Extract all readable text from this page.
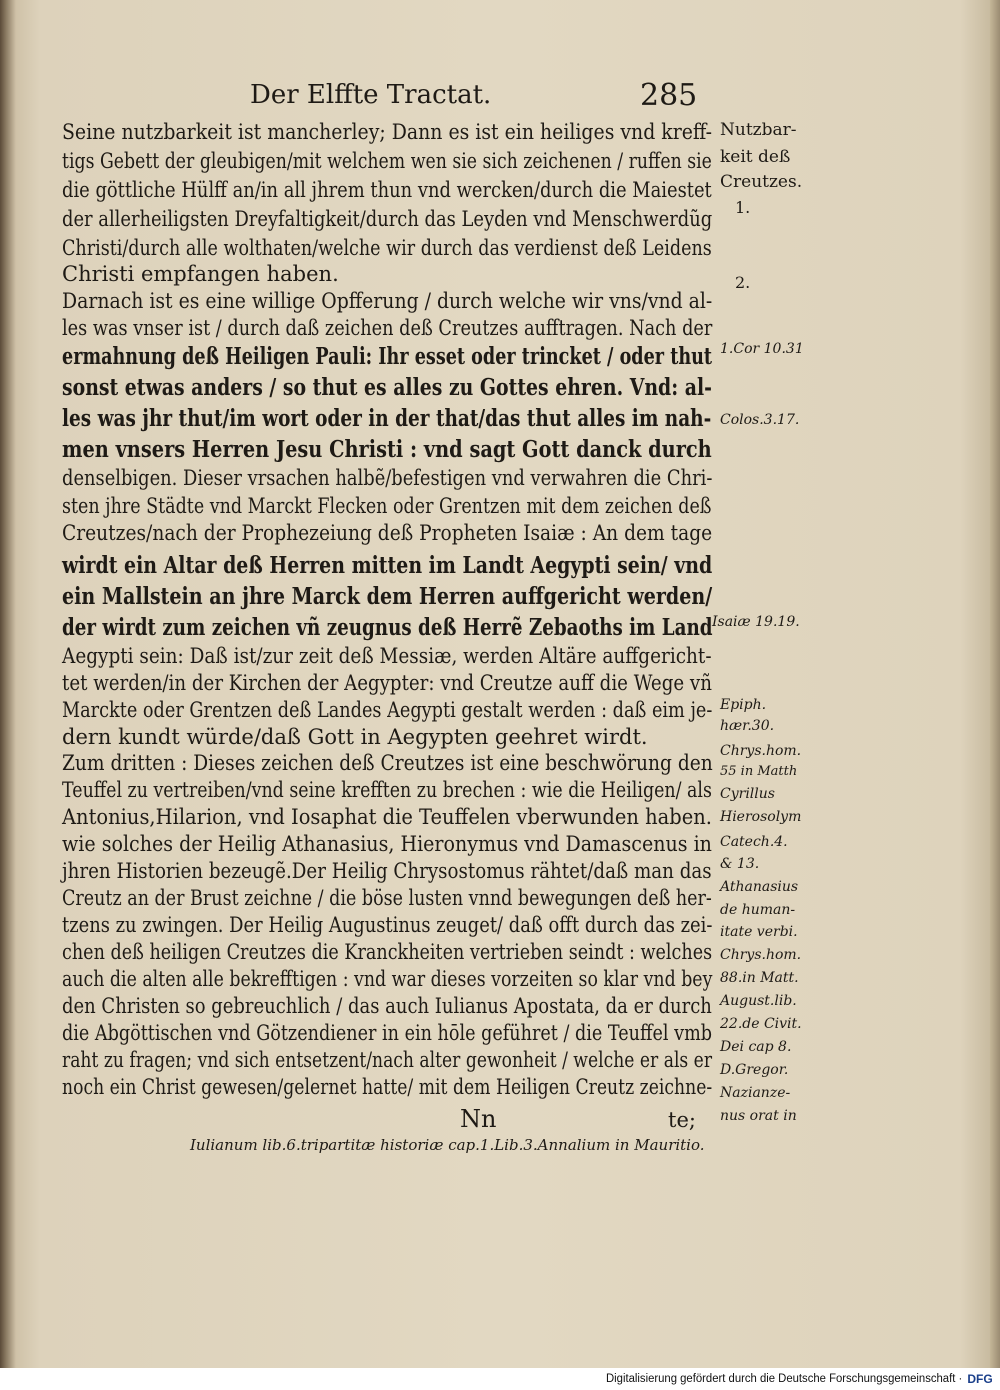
Der Elffte Tractat.	285
Seine nutzbarkeit ist mancherley; Dann es ist ein heiliges vnd kreff-
tigs Gebett der gleubigen/mit welchem wen sie sich zeichenen / ruffen sie
die göttliche Hülff an/in all jhrem thun vnd wercken/durch die Maiestet
der allerheiligsten Dreyfaltigkeit/durch das Leyden vnd Menschwerdũg
Christi/durch alle wolthaten/welche wir durch das verdienst deß Leidens
Christi empfangen haben.
Darnach ist es eine willige Opfferung / durch welche wir vns/vnd al-
les was vnser ist / durch daß zeichen deß Creutzes aufftragen. Nach der
ermahnung deß Heiligen Pauli: Ihr esset oder trincket / oder thut
sonst etwas anders / so thut es alles zu Gottes ehren. Vnd: al-
les was jhr thut/im wort oder in der that/das thut alles im nah-
men vnsers Herren Jesu Christi : vnd sagt Gott danck durch
denselbigen. Dieser vrsachen halbẽ/befestigen vnd verwahren die Chri-
sten jhre Städte vnd Marckt Flecken oder Grentzen mit dem zeichen deß
Creutzes/nach der Prophezeiung deß Propheten Isaiæ : An dem tage
wirdt ein Altar deß Herren mitten im Landt Aegypti sein/ vnd
ein Mallstein an jhre Marck dem Herren auffgericht werden/
der wirdt zum zeichen vñ zeugnus deß Herrẽ Zebaoths im Land
Aegypti sein: Daß ist/zur zeit deß Messiæ, werden Altäre auffgericht-
tet werden/in der Kirchen der Aegypter: vnd Creutze auff die Wege vñ
Marckte oder Grentzen deß Landes Aegypti gestalt werden : daß eim je-
dern kundt würde/daß Gott in Aegypten geehret wirdt.
Zum dritten : Dieses zeichen deß Creutzes ist eine beschwörung den
Teuffel zu vertreiben/vnd seine krefften zu brechen : wie die Heiligen/ als
Antonius,Hilarion, vnd Iosaphat die Teuffelen vberwunden haben.
wie solches der Heilig Athanasius, Hieronymus vnd Damascenus in
jhren Historien bezeugẽ.Der Heilig Chrysostomus rähtet/daß man das
Creutz an der Brust zeichne / die böse lusten vnnd bewegungen deß her-
tzens zu zwingen. Der Heilig Augustinus zeuget/ daß offt durch das zei-
chen deß heiligen Creutzes die Kranckheiten vertrieben seindt : welches
auch die alten alle bekrefftigen : vnd war dieses vorzeiten so klar vnd bey
den Christen so gebreuchlich / das auch Iulianus Apostata, da er durch
die Abgöttischen vnd Götzendiener in ein hōle geführet / die Teuffel vmb
raht zu fragen; vnd sich entsetzent/nach alter gewonheit / welche er als er
noch ein Christ gewesen/gelernet hatte/ mit dem Heiligen Creutz zeichne-
Nutzbar-
keit deß
Creutzes.
1.
2.
1.Cor 10.31
Colos.3.17.
Isaiæ 19.19.
Epiph.
hær.30.
Chrys.hom.
55 in Matth
Cyrillus
Hierosolym
Catech.4.
& 13.
Athanasius
de human-
itate verbi.
Chrys.hom.
88.in Matt.
August.lib.
22.de Civit.
Dei cap 8.
D.Gregor.
Nazianze-
nus orat in
Nn	te;
Iulianum lib.6.tripartitæ historiæ cap.1.Lib.3.Annalium in Mauritio.
Digitalisierung gefördert durch die Deutsche Forschungsgemeinschaft · DFG
